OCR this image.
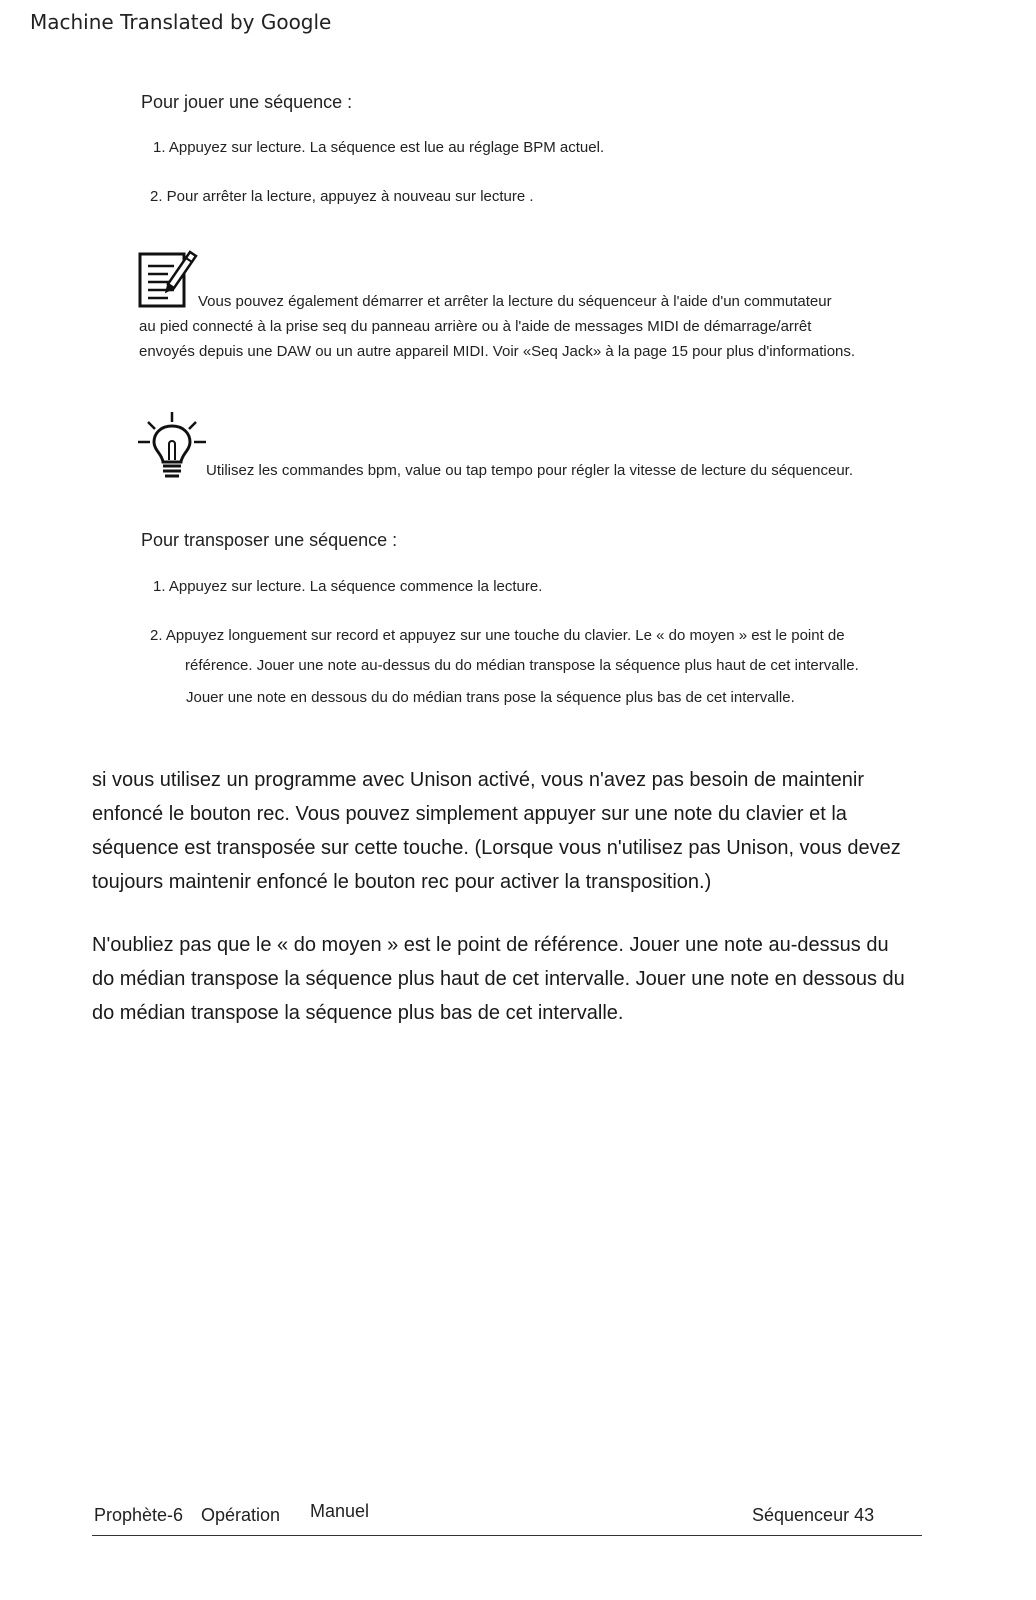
Machine Translated by Google
Pour jouer une séquence :
1. Appuyez sur lecture. La séquence est lue au réglage BPM actuel.
2. Pour arrêter la lecture, appuyez à nouveau sur lecture .
Vous pouvez également démarrer et arrêter la lecture du séquenceur à l'aide d'un commutateur
au pied connecté à la prise seq du panneau arrière ou à l'aide de messages MIDI de démarrage/arrêt
envoyés depuis une DAW ou un autre appareil MIDI. Voir «Seq Jack» à la page 15 pour plus d'informations.
Utilisez les commandes bpm, value ou tap tempo pour régler la vitesse de lecture du séquenceur.
Pour transposer une séquence :
1. Appuyez sur lecture. La séquence commence la lecture.
2. Appuyez longuement sur record et appuyez sur une touche du clavier. Le « do moyen » est le point de
référence. Jouer une note au-dessus du do médian transpose la séquence plus haut de cet intervalle.
Jouer une note en dessous du do médian trans pose la séquence plus bas de cet intervalle.
si vous utilisez un programme avec Unison activé, vous n'avez pas besoin de maintenir enfoncé le bouton rec. Vous pouvez simplement appuyer sur une note du clavier et la séquence est transposée sur cette touche. (Lorsque vous n'utilisez pas Unison, vous devez toujours maintenir enfoncé le bouton rec pour activer la transposition.)
N'oubliez pas que le « do moyen » est le point de référence. Jouer une note au-dessus du do médian transpose la séquence plus haut de cet intervalle. Jouer une note en dessous du do médian transpose la séquence plus bas de cet intervalle.
Prophète-6 Opération Manuel	Séquenceur 43
